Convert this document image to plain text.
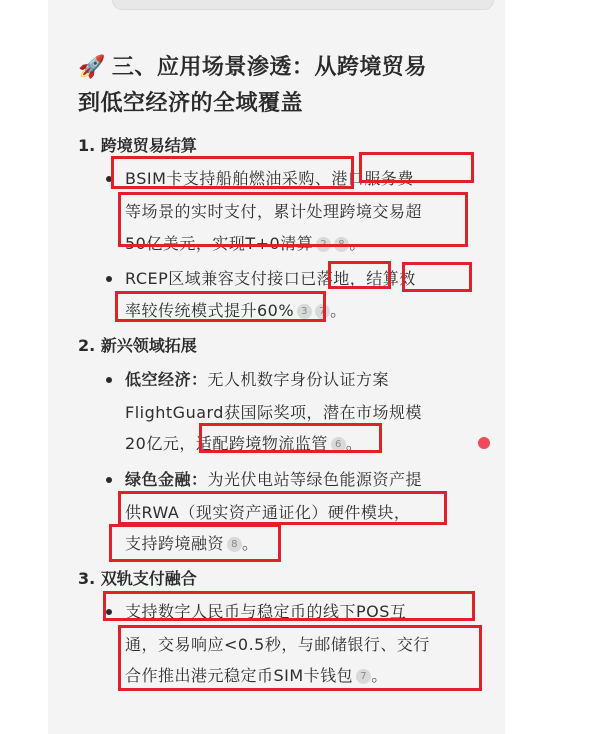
🚀 三、应用场景渗透：从跨境贸易
到低空经济的全域覆盖
1. 跨境贸易结算
BSIM卡支持船舶燃油采购、港口服务费
等场景的实时支付，累计处理跨境交易超
50亿美元，实现T+0清算 2 8 。
RCEP区域兼容支付接口已落地，结算效
率较传统模式提升60% 3 7 。
2. 新兴领域拓展
低空经济：无人机数字身份认证方案
FlightGuard获国际奖项，潜在市场规模
20亿元，适配跨境物流监管 6 。
绿色金融：为光伏电站等绿色能源资产提
供RWA（现实资产通证化）硬件模块，
支持跨境融资 8 。
3. 双轨支付融合
支持数字人民币与稳定币的线下POS互
通，交易响应<0.5秒，与邮储银行、交行
合作推出港元稳定币SIM卡钱包 7 。
